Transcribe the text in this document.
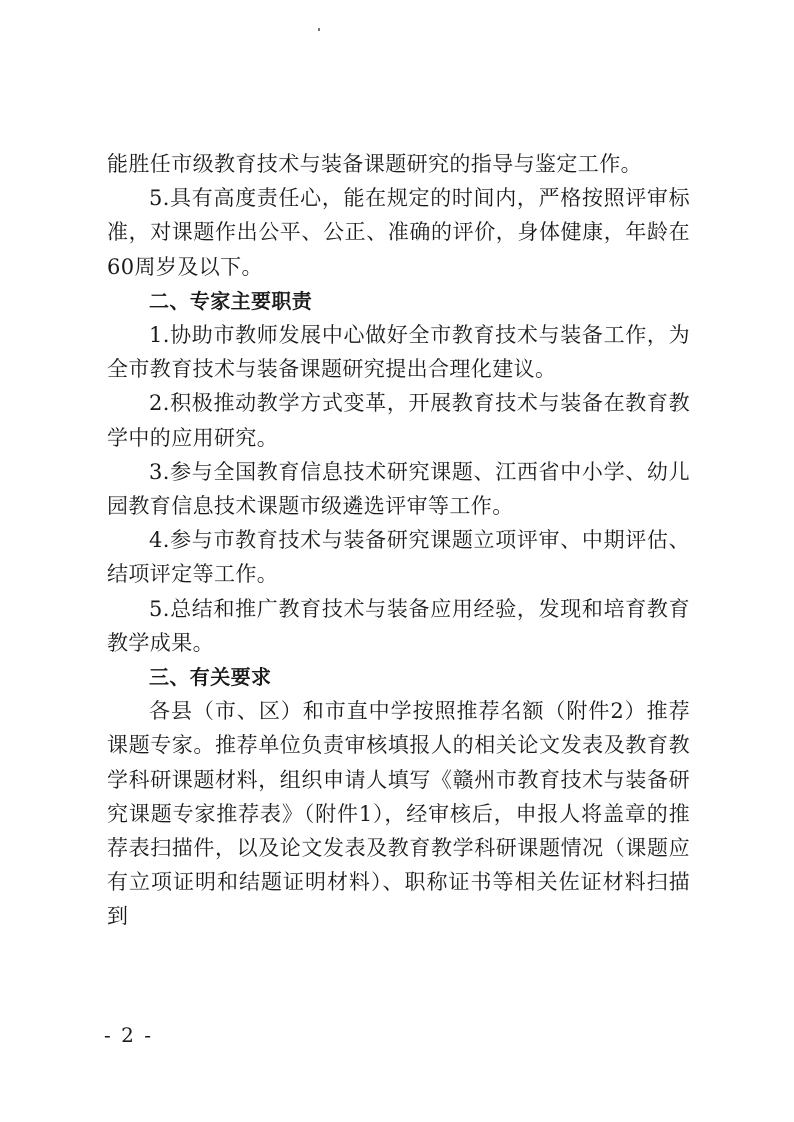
能胜任市级教育技术与装备课题研究的指导与鉴定工作。

5.具有高度责任心，能在规定的时间内，严格按照评审标准，对课题作出公平、公正、准确的评价，身体健康，年龄在60周岁及以下。

二、专家主要职责

1.协助市教师发展中心做好全市教育技术与装备工作，为全市教育技术与装备课题研究提出合理化建议。

2.积极推动教学方式变革，开展教育技术与装备在教育教学中的应用研究。

3.参与全国教育信息技术研究课题、江西省中小学、幼儿园教育信息技术课题市级遴选评审等工作。

4.参与市教育技术与装备研究课题立项评审、中期评估、结项评定等工作。

5.总结和推广教育技术与装备应用经验，发现和培育教育教学成果。

三、有关要求

各县（市、区）和市直中学按照推荐名额（附件2）推荐课题专家。推荐单位负责审核填报人的相关论文发表及教育教学科研课题材料，组织申请人填写《赣州市教育技术与装备研究课题专家推荐表》（附件1），经审核后，申报人将盖章的推荐表扫描件，以及论文发表及教育教学科研课题情况（课题应有立项证明和结题证明材料）、职称证书等相关佐证材料扫描到

- 2 -
